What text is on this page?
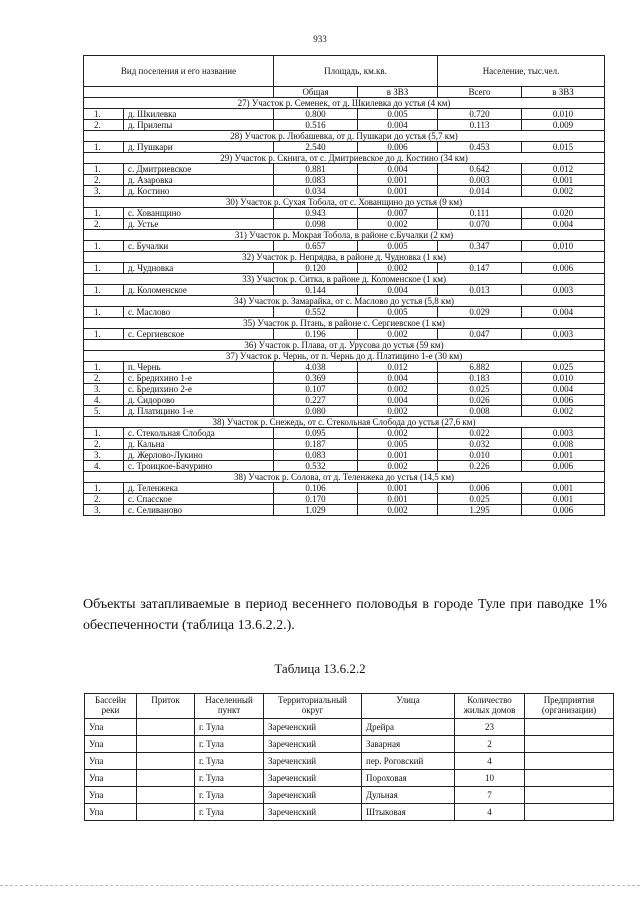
933
Вид поселения и его название		Площадь, км.кв.		Население, тыс.чел.	
		Общая	в ЗВЗ	Всего	в ЗВЗ
27) Участок р. Семенек, от д. Шкилевка до устья (4 км)					
1.	д. Шкилевка	0.800	0.005	0.720	0.010
2.	д. Прилепы	0.516	0.004	0.113	0.009
28) Участок р. Любашевка, от д. Пушкари до устья (5,7 км)					
1.	д. Пушкари	2.540	0.006	0.453	0.015
29) Участок р. Скнига, от с. Дмитриевское до д. Костино (34 км)					
1.	с. Дмитриевское	0.881	0.004	0.642	0.012
2.	д. Азаровка	0.083	0.001	0.003	0.001
3.	д. Костино	0.034	0.001	0.014	0.002
30) Участок р. Сухая Тобола, от с. Хованщино до устья (9 км)					
1.	с. Хованщино	0.943	0.007	0.111	0.020
2.	д. Устье	0.098	0.002	0.070	0.004
31) Участок р. Мокрая Тобола, в районе с.Бучалки (2 км)					
1.	с. Бучалки	0.657	0.005	0.347	0.010
32) Участок р. Непрядва, в районе д. Чудновка (1 км)					
1.	д. Чудновка	0.120	0.002	0.147	0.006
33) Участок р. Ситка, в районе д. Коломенское (1 км)					
1.	д. Коломенское	0.144	0.004	0.013	0.003
34) Участок р. Замарайка, от с. Маслово до устья (5,8 км)					
1.	с. Маслово	0.552	0.005	0.029	0.004
35) Участок р. Птань, в районе с. Сергиевское (1 км)					
1.	с. Сергиевское	0.196	0.002	0.047	0.003
36) Участок р. Плава, от д. Урусова до устья (59 км)					
37) Участок р. Чернь, от п. Чернь до д. Платицино 1-е (30 км)					
1.	п. Чернь	4.038	0.012	6.882	0.025
2.	с. Бредихино 1-е	0.369	0.004	0.183	0.010
3.	с. Бредихино 2-е	0.107	0.002	0.025	0.004
4.	д. Сидорово	0.227	0.004	0.026	0.006
5.	д. Платицино 1-е	0.080	0.002	0.008	0.002
38) Участок р. Снежедь, от с. Стекольная Слобода до устья (27,6 км)					
1.	с. Стекольная Слобода	0.095	0.002	0.022	0.003
2.	д. Кальна	0.187	0.005	0.032	0.008
3.	д. Жерлово-Лукино	0.083	0.001	0.010	0.001
4.	с. Троицкое-Бачурино	0.532	0.002	0.226	0.006
38) Участок р. Солова, от д. Теленжека до устья (14,5 км)					
1.	д. Теленжека	0.106	0.001	0.006	0.001
2.	с. Спасское	0.170	0.001	0.025	0.001
3.	с. Селиваново	1.029	0.002	1.295	0.006

Объекты затапливаемые в период весеннего половодья в городе Туле при паводке 1% обеспеченности (таблица 13.6.2.2.).

Таблица 13.6.2.2

Бассейн реки	Приток	Населенный пункт	Территориальный округ	Улица	Количество жилых домов	Предприятия (организации)
Упа		г. Тула	Зареченский	Дрейра	23	
Упа		г. Тула	Зареченский	Заварная	2	
Упа		г. Тула	Зареченский	пер. Роговский	4	
Упа		г. Тула	Зареченский	Пороховая	10	
Упа		г. Тула	Зареченский	Дульная	7	
Упа		г. Тула	Зареченский	Штыковая	4	
